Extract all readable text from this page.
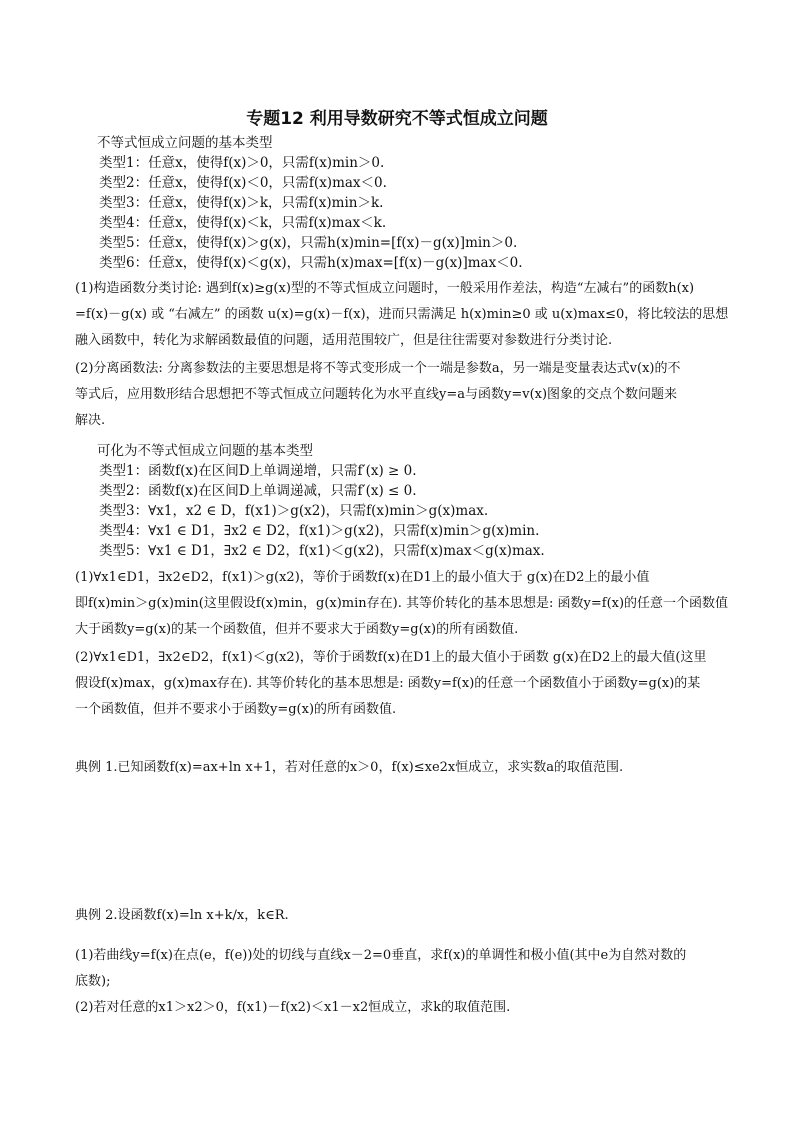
专题12 利用导数研究不等式恒成立问题
不等式恒成立问题的基本类型
类型1：任意x，使得f(x)＞0，只需f(x)min＞0.
类型2：任意x，使得f(x)＜0，只需f(x)max＜0.
类型3：任意x，使得f(x)＞k，只需f(x)min＞k.
类型4：任意x，使得f(x)＜k，只需f(x)max＜k.
类型5：任意x，使得f(x)＞g(x)，只需h(x)min=[f(x)－g(x)]min＞0.
类型6：任意x，使得f(x)＜g(x)，只需h(x)max=[f(x)－g(x)]max＜0.
(1)构造函数分类讨论: 遇到f(x)≥g(x)型的不等式恒成立问题时，一般采用作差法，构造“左减右”的函数h(x)
=f(x)－g(x) 或 “右减左” 的函数 u(x)=g(x)－f(x)，进而只需满足 h(x)min≥0 或 u(x)max≤0，将比较法的思想
融入函数中，转化为求解函数最值的问题，适用范围较广，但是往往需要对参数进行分类讨论.
(2)分离函数法: 分离参数法的主要思想是将不等式变形成一个一端是参数a，另一端是变量表达式v(x)的不
等式后，应用数形结合思想把不等式恒成立问题转化为水平直线y=a与函数y=v(x)图象的交点个数问题来
解决.
可化为不等式恒成立问题的基本类型
类型1：函数f(x)在区间D上单调递增，只需f′(x) ≥ 0.
类型2：函数f(x)在区间D上单调递减，只需f′(x) ≤ 0.
类型3：∀x1，x2 ∈ D，f(x1)＞g(x2)，只需f(x)min＞g(x)max.
类型4：∀x1 ∈ D1，∃x2 ∈ D2，f(x1)＞g(x2)，只需f(x)min＞g(x)min.
类型5：∀x1 ∈ D1，∃x2 ∈ D2，f(x1)＜g(x2)，只需f(x)max＜g(x)max.
(1)∀x1∈D1，∃x2∈D2，f(x1)＞g(x2)，等价于函数f(x)在D1上的最小值大于 g(x)在D2上的最小值
即f(x)min＞g(x)min(这里假设f(x)min，g(x)min存在). 其等价转化的基本思想是: 函数y=f(x)的任意一个函数值
大于函数y=g(x)的某一个函数值，但并不要求大于函数y=g(x)的所有函数值.
(2)∀x1∈D1，∃x2∈D2，f(x1)＜g(x2)，等价于函数f(x)在D1上的最大值小于函数 g(x)在D2上的最大值(这里
假设f(x)max，g(x)max存在). 其等价转化的基本思想是: 函数y=f(x)的任意一个函数值小于函数y=g(x)的某
一个函数值，但并不要求小于函数y=g(x)的所有函数值.
典例 1.已知函数f(x)=ax+ln x+1，若对任意的x＞0，f(x)≤xe2x恒成立，求实数a的取值范围.
典例 2.设函数f(x)=ln x+k/x，k∈R.
(1)若曲线y=f(x)在点(e，f(e))处的切线与直线x－2=0垂直，求f(x)的单调性和极小值(其中e为自然对数的
底数);
(2)若对任意的x1＞x2＞0，f(x1)－f(x2)＜x1－x2恒成立，求k的取值范围.
